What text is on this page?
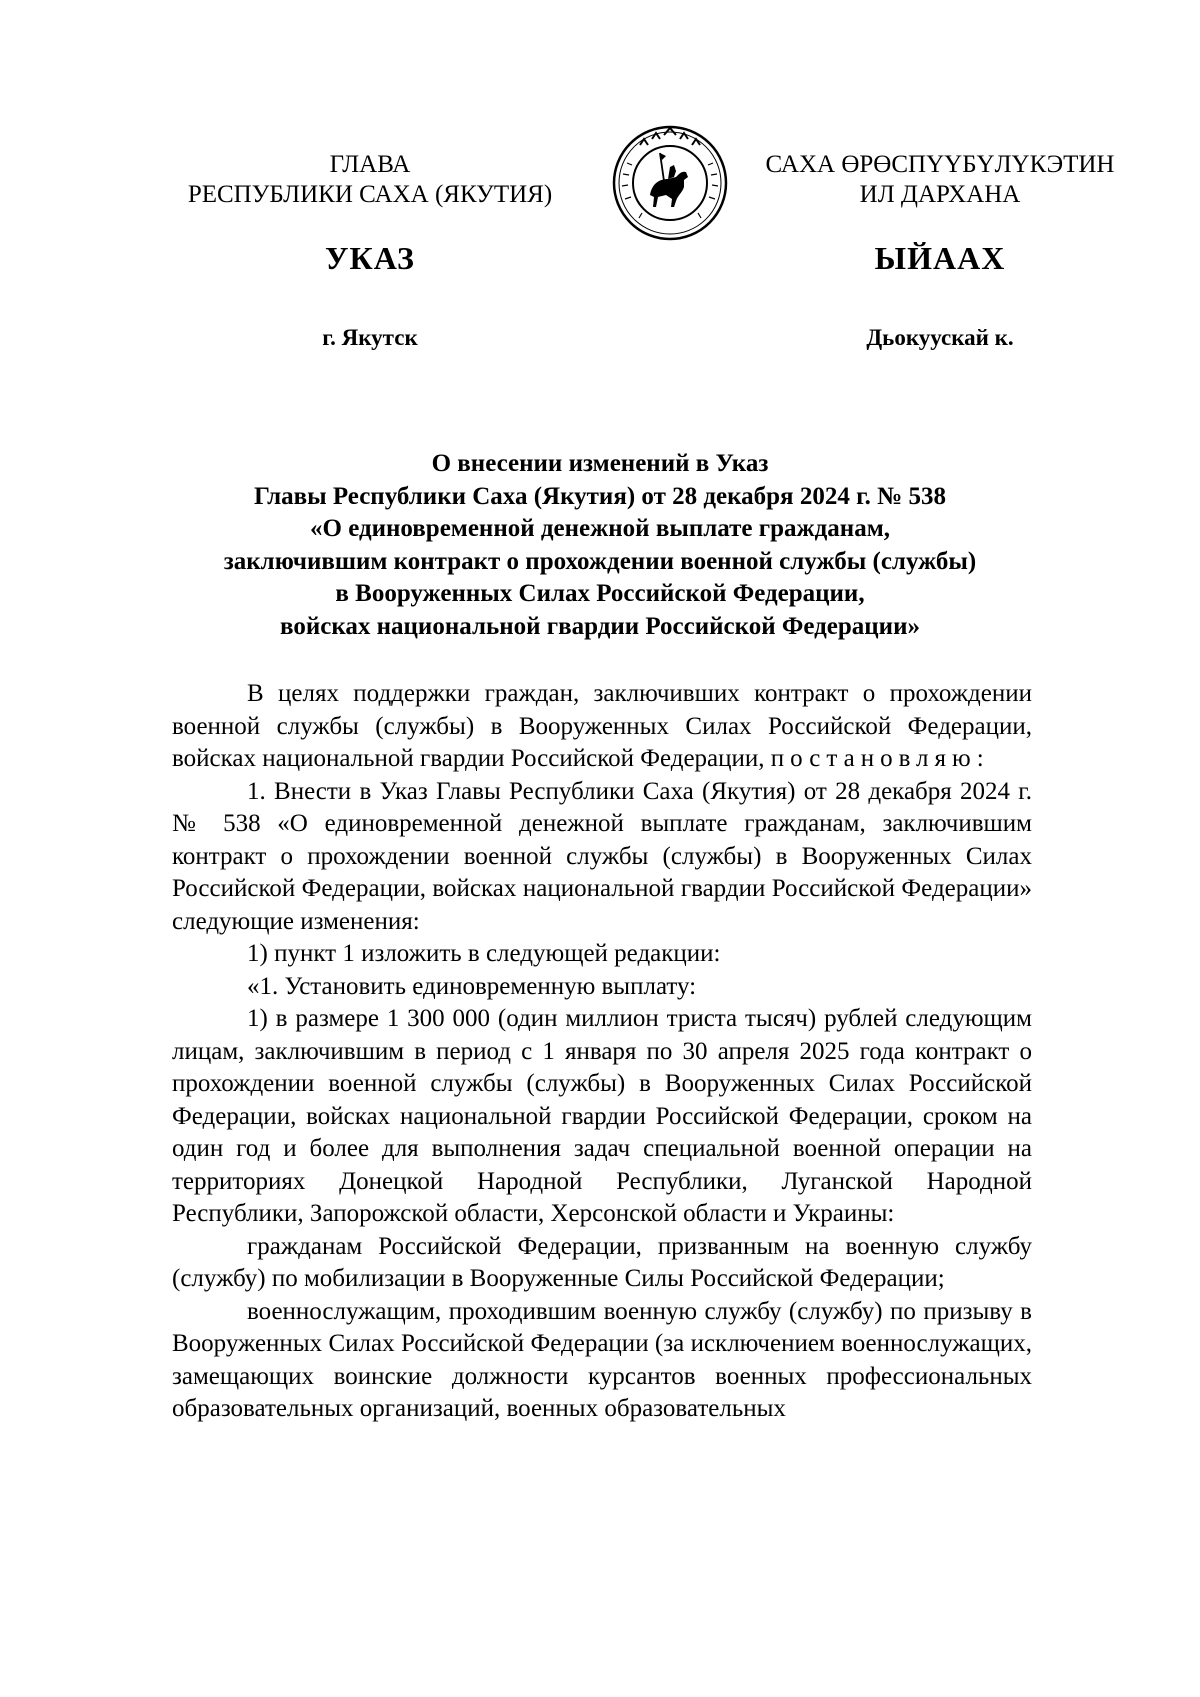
ГЛАВА
РЕСПУБЛИКИ САХА (ЯКУТИЯ)
САХА ӨРӨСПҮҮБҮЛҮКЭТИН
ИЛ ДАРХАНА
УКАЗ	ЫЙААХ
г. Якутск	Дьокуускай к.
О внесении изменений в Указ
Главы Республики Саха (Якутия) от 28 декабря 2024 г. № 538
«О единовременной денежной выплате гражданам,
заключившим контракт о прохождении военной службы (службы)
в Вооруженных Силах Российской Федерации,
войсках национальной гвардии Российской Федерации»

В целях поддержки граждан, заключивших контракт о прохождении военной службы (службы) в Вооруженных Силах Российской Федерации, войсках национальной гвардии Российской Федерации, постановляю:

1. Внести в Указ Главы Республики Саха (Якутия) от 28 декабря 2024 г. № 538 «О единовременной денежной выплате гражданам, заключившим контракт о прохождении военной службы (службы) в Вооруженных Силах Российской Федерации, войсках национальной гвардии Российской Федерации» следующие изменения:

1) пункт 1 изложить в следующей редакции:

«1. Установить единовременную выплату:

1) в размере 1 300 000 (один миллион триста тысяч) рублей следующим лицам, заключившим в период с 1 января по 30 апреля 2025 года контракт о прохождении военной службы (службы) в Вооруженных Силах Российской Федерации, войсках национальной гвардии Российской Федерации, сроком на один год и более для выполнения задач специальной военной операции на территориях Донецкой Народной Республики, Луганской Народной Республики, Запорожской области, Херсонской области и Украины:

гражданам Российской Федерации, призванным на военную службу (службу) по мобилизации в Вооруженные Силы Российской Федерации;

военнослужащим, проходившим военную службу (службу) по призыву в Вооруженных Силах Российской Федерации (за исключением военнослужащих, замещающих воинские должности курсантов военных профессиональных образовательных организаций, военных образовательных
